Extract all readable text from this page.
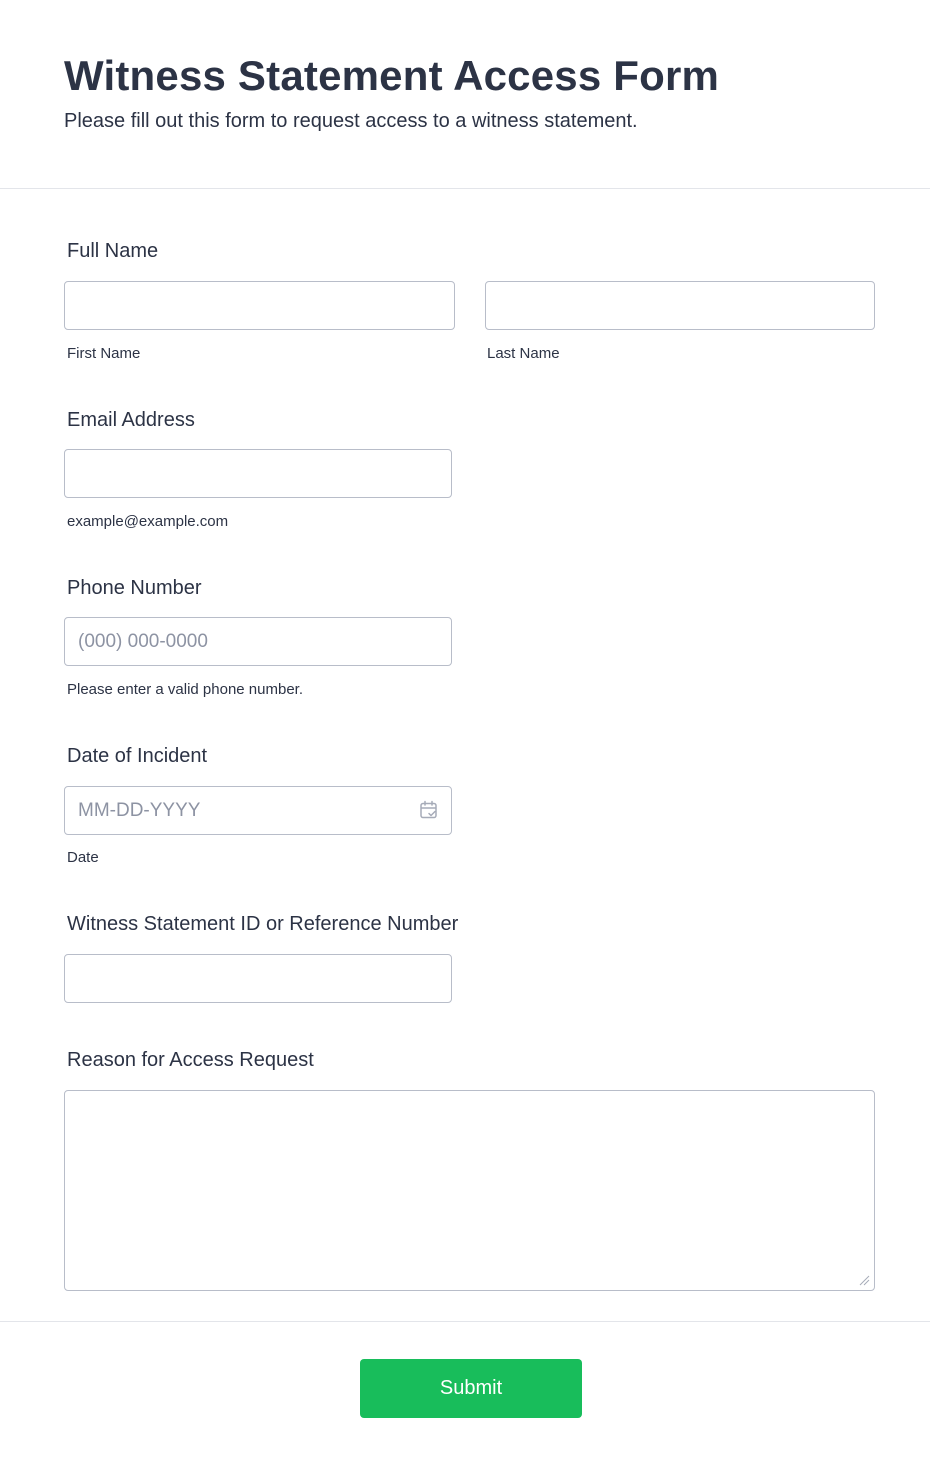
Witness Statement Access Form

Please fill out this form to request access to a witness statement.

Full Name
First Name	Last Name
Email Address
example@example.com
Phone Number
(000) 000-0000
Please enter a valid phone number.
Date of Incident
MM-DD-YYYY
Date
Witness Statement ID or Reference Number
Reason for Access Request
Submit
